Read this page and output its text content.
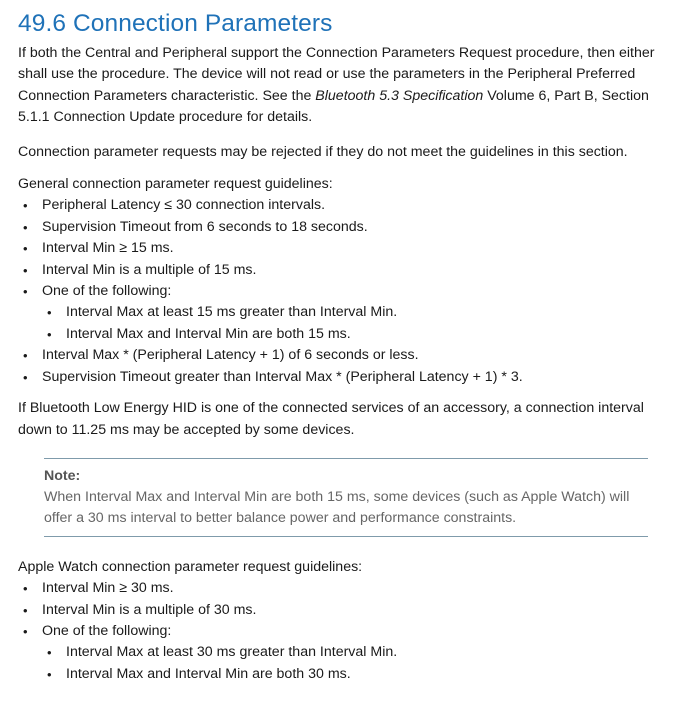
49.6 Connection Parameters

If both the Central and Peripheral support the Connection Parameters Request procedure, then either shall use the procedure. The device will not read or use the parameters in the Peripheral Preferred Connection Parameters characteristic. See the Bluetooth 5.3 Specification Volume 6, Part B, Section 5.1.1 Connection Update procedure for details.

Connection parameter requests may be rejected if they do not meet the guidelines in this section.

General connection parameter request guidelines:

• Peripheral Latency ≤ 30 connection intervals.
• Supervision Timeout from 6 seconds to 18 seconds.
• Interval Min ≥ 15 ms.
• Interval Min is a multiple of 15 ms.
• One of the following:
• Interval Max at least 15 ms greater than Interval Min.
• Interval Max and Interval Min are both 15 ms.
• Interval Max * (Peripheral Latency + 1) of 6 seconds or less.
• Supervision Timeout greater than Interval Max * (Peripheral Latency + 1) * 3.

If Bluetooth Low Energy HID is one of the connected services of an accessory, a connection interval down to 11.25 ms may be accepted by some devices.

Note:
When Interval Max and Interval Min are both 15 ms, some devices (such as Apple Watch) will offer a 30 ms interval to better balance power and performance constraints.

Apple Watch connection parameter request guidelines:

• Interval Min ≥ 30 ms.
• Interval Min is a multiple of 30 ms.
• One of the following:
• Interval Max at least 30 ms greater than Interval Min.
• Interval Max and Interval Min are both 30 ms.
